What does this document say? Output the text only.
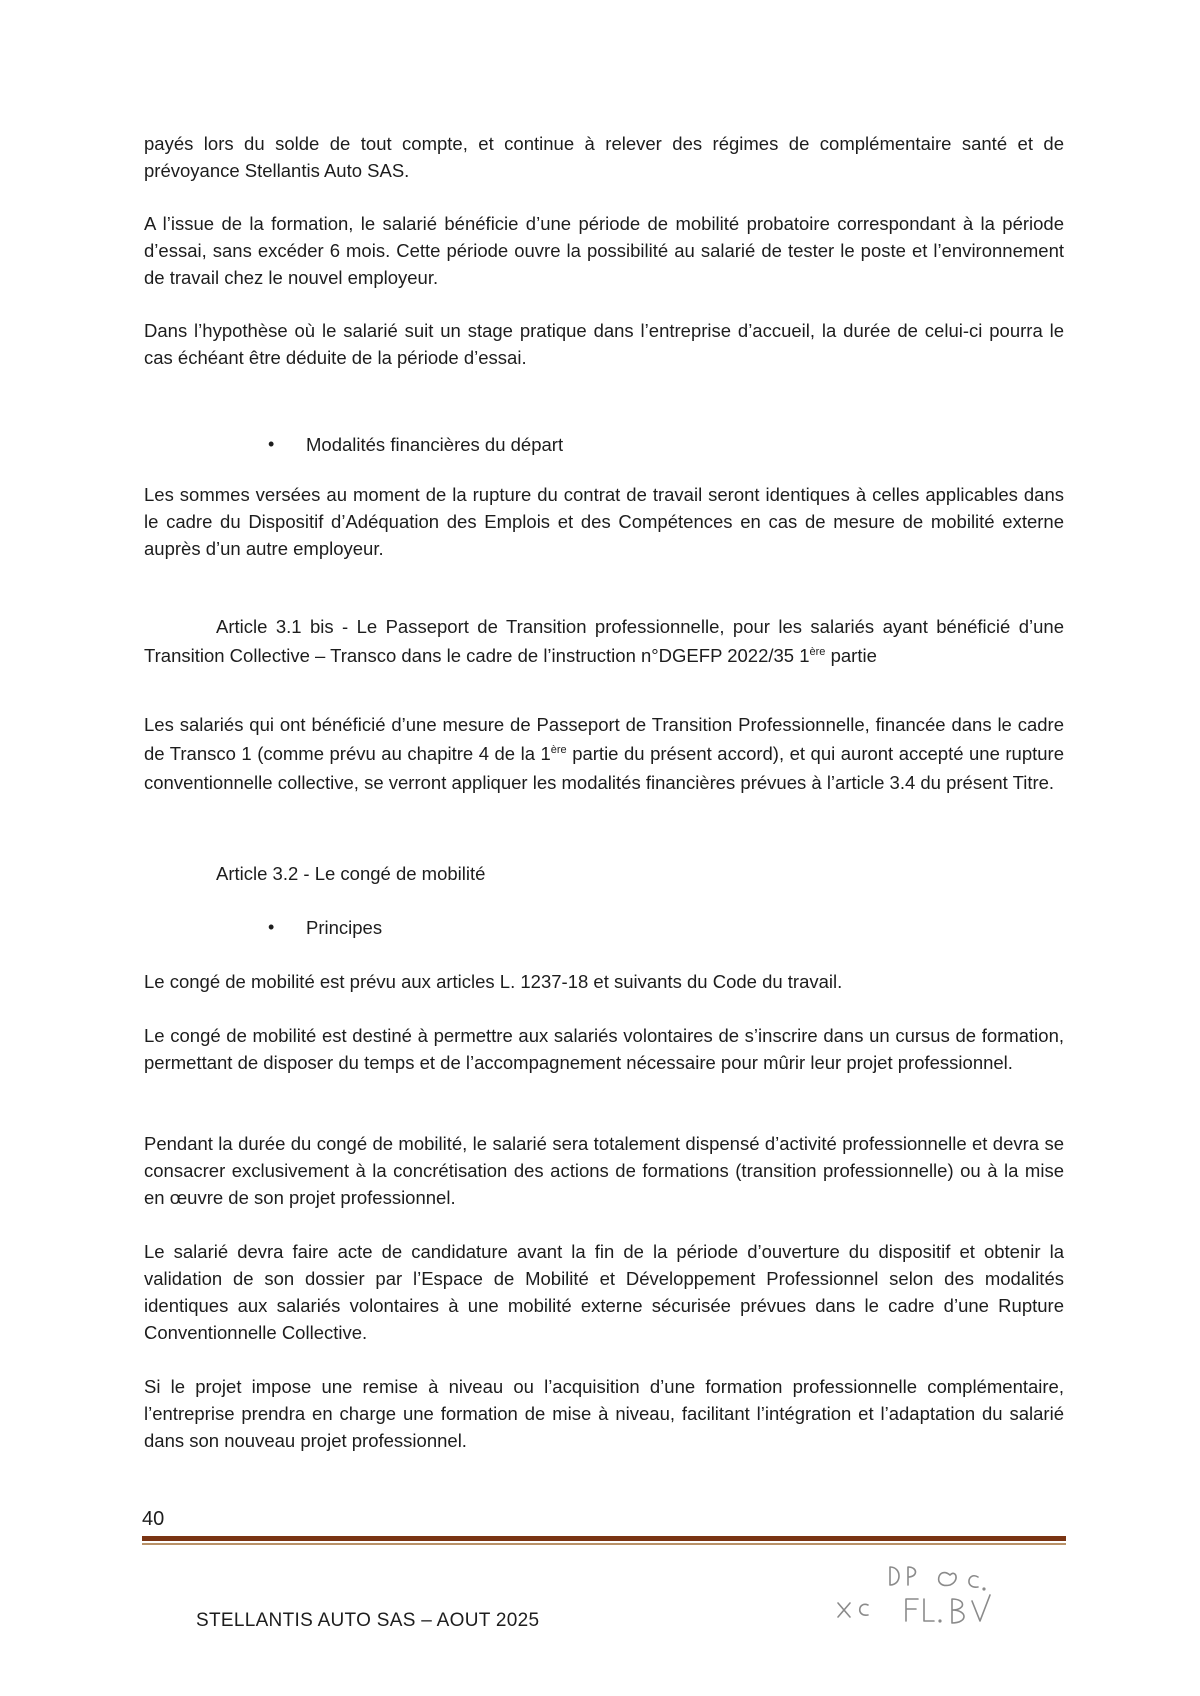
payés lors du solde de tout compte, et continue à relever des régimes de complémentaire santé et de prévoyance Stellantis Auto SAS.

A l’issue de la formation, le salarié bénéficie d’une période de mobilité probatoire correspondant à la période d’essai, sans excéder 6 mois. Cette période ouvre la possibilité au salarié de tester le poste et l’environnement de travail chez le nouvel employeur.

Dans l’hypothèse où le salarié suit un stage pratique dans l’entreprise d’accueil, la durée de celui-ci pourra le cas échéant être déduite de la période d’essai.

• Modalités financières du départ

Les sommes versées au moment de la rupture du contrat de travail seront identiques à celles applicables dans le cadre du Dispositif d’Adéquation des Emplois et des Compétences en cas de mesure de mobilité externe auprès d’un autre employeur.

Article 3.1 bis - Le Passeport de Transition professionnelle, pour les salariés ayant bénéficié d’une Transition Collective – Transco dans le cadre de l’instruction n°DGEFP 2022/35 1ère partie

Les salariés qui ont bénéficié d’une mesure de Passeport de Transition Professionnelle, financée dans le cadre de Transco 1 (comme prévu au chapitre 4 de la 1ère partie du présent accord), et qui auront accepté une rupture conventionnelle collective, se verront appliquer les modalités financières prévues à l’article 3.4 du présent Titre.

Article 3.2 - Le congé de mobilité
• Principes

Le congé de mobilité est prévu aux articles L. 1237-18 et suivants du Code du travail.

Le congé de mobilité est destiné à permettre aux salariés volontaires de s’inscrire dans un cursus de formation, permettant de disposer du temps et de l’accompagnement nécessaire pour mûrir leur projet professionnel.

Pendant la durée du congé de mobilité, le salarié sera totalement dispensé d’activité professionnelle et devra se consacrer exclusivement à la concrétisation des actions de formations (transition professionnelle) ou à la mise en œuvre de son projet professionnel.

Le salarié devra faire acte de candidature avant la fin de la période d’ouverture du dispositif et obtenir la validation de son dossier par l’Espace de Mobilité et Développement Professionnel selon des modalités identiques aux salariés volontaires à une mobilité externe sécurisée prévues dans le cadre d’une Rupture Conventionnelle Collective.

Si le projet impose une remise à niveau ou l’acquisition d’une formation professionnelle complémentaire, l’entreprise prendra en charge une formation de mise à niveau, facilitant l’intégration et l’adaptation du salarié dans son nouveau projet professionnel.

40
STELLANTIS AUTO SAS – AOUT 2025
